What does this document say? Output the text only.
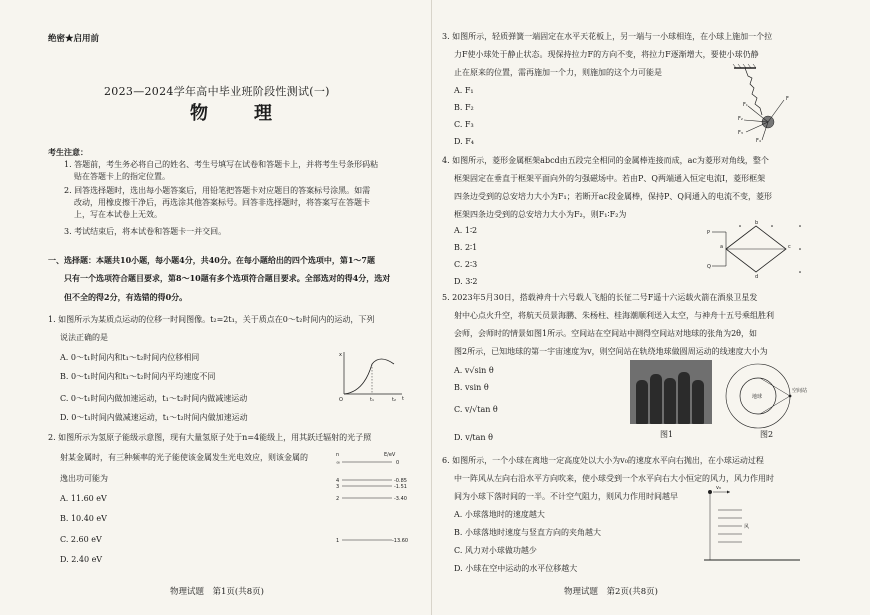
绝密★启用前
2023—2024学年高中毕业班阶段性测试(一)
物　理
考生注意：
1. 答题前，考生务必将自己的姓名、考生号填写在试卷和答题卡上，并将考生号条形码粘
贴在答题卡上的指定位置。
2. 回答选择题时，选出每小题答案后，用铅笔把答题卡对应题目的答案标号涂黑。如需
改动，用橡皮擦干净后，再选涂其他答案标号。回答非选择题时，将答案写在答题卡
上，写在本试卷上无效。
3. 考试结束后，将本试卷和答题卡一并交回。
一、选择题：本题共10小题，每小题4分，共40分。在每小题给出的四个选项中，第1～7题
只有一个选项符合题目要求，第8～10题有多个选项符合题目要求。全部选对的得4分，选对
但不全的得2分，有选错的得0分。
1. 如图所示为某质点运动的位移一时间图像。t₂=2t₁，关于质点在0～t₂时间内的运动，下列
说法正确的是
A. 0～t₁时间内和t₁～t₂时间内位移相同
B. 0～t₁时间内和t₁～t₂时间内平均速度不同
C. 0～t₁时间内做加速运动，t₁～t₂时间内做减速运动
D. 0～t₁时间内做减速运动，t₁～t₂时间内做加速运动
x
t
O	t₁	t₂
2. 如图所示为氢原子能级示意图，现有大量氢原子处于n=4能级上，用其跃迁辐射的光子照
射某金属时，有三种频率的光子能使该金属发生光电效应，则该金属的
逸出功可能为
A. 11.60 eV
B. 10.40 eV
C. 2.60 eV
D. 2.40 eV
n	E/eV
∞	0
4	-0.85
3	-1.51
2	-3.40
1	-13.60
物理试题　第1页(共8页)
3. 如图所示，轻质弹簧一端固定在水平天花板上，另一端与一小球相连，在小球上施加一个拉
力F使小球处于静止状态。现保持拉力F的方向不变，将拉力F逐渐增大，要使小球仍静
止在原来的位置，需再施加一个力，则施加的这个力可能是
A. F₁
B. F₂
C. F₃
D. F₄
F
F₁
F₂
F₃
F₄
4. 如图所示，菱形金属框架abcd由五段完全相同的金属棒连接而成，ac为菱形对角线，整个
框架固定在垂直于框架平面向外的匀强磁场中。若由P、Q两端通入恒定电流I，菱形框架
四条边受到的总安培力大小为F₁；若断开ac段金属棒，保持P、Q间通入的电流不变，菱形
框架四条边受到的总安培力大小为F₂，则F₁∶F₂为
A. 1∶2
B. 2∶1
C. 2∶3
D. 3∶2
P
Q
a
b
c
d
5. 2023年5月30日，搭载神舟十六号载人飞船的长征二号F遥十六运载火箭在酒泉卫星发
射中心点火升空，将航天员景海鹏、朱杨柱、桂海潮顺利送入太空，与神舟十五号乘组胜利
会师，会师时的情景如图1所示。空间站在空间站中测得空间站对地球的张角为2θ，如
图2所示，已知地球的第一宇宙速度为v，则空间站在轨绕地球做圆周运动的线速度大小为
A. v√sin θ
B. vsin θ
C. v/√tan θ
D. v/tan θ	图1
地球
空间站
图2
6. 如图所示，一个小球在离地一定高度处以大小为v₀的速度水平向右抛出，在小球运动过程
中一阵风从左向右沿水平方向吹来，使小球受到一个水平向右大小恒定的风力，风力作用时
间为小球下落时间的一半。不计空气阻力，则风力作用时间越早
A. 小球落地时的速度越大
B. 小球落地时速度与竖直方向的夹角越大
C. 风力对小球做功越少
D. 小球在空中运动的水平位移越大
v₀
风
物理试题　第2页(共8页)
